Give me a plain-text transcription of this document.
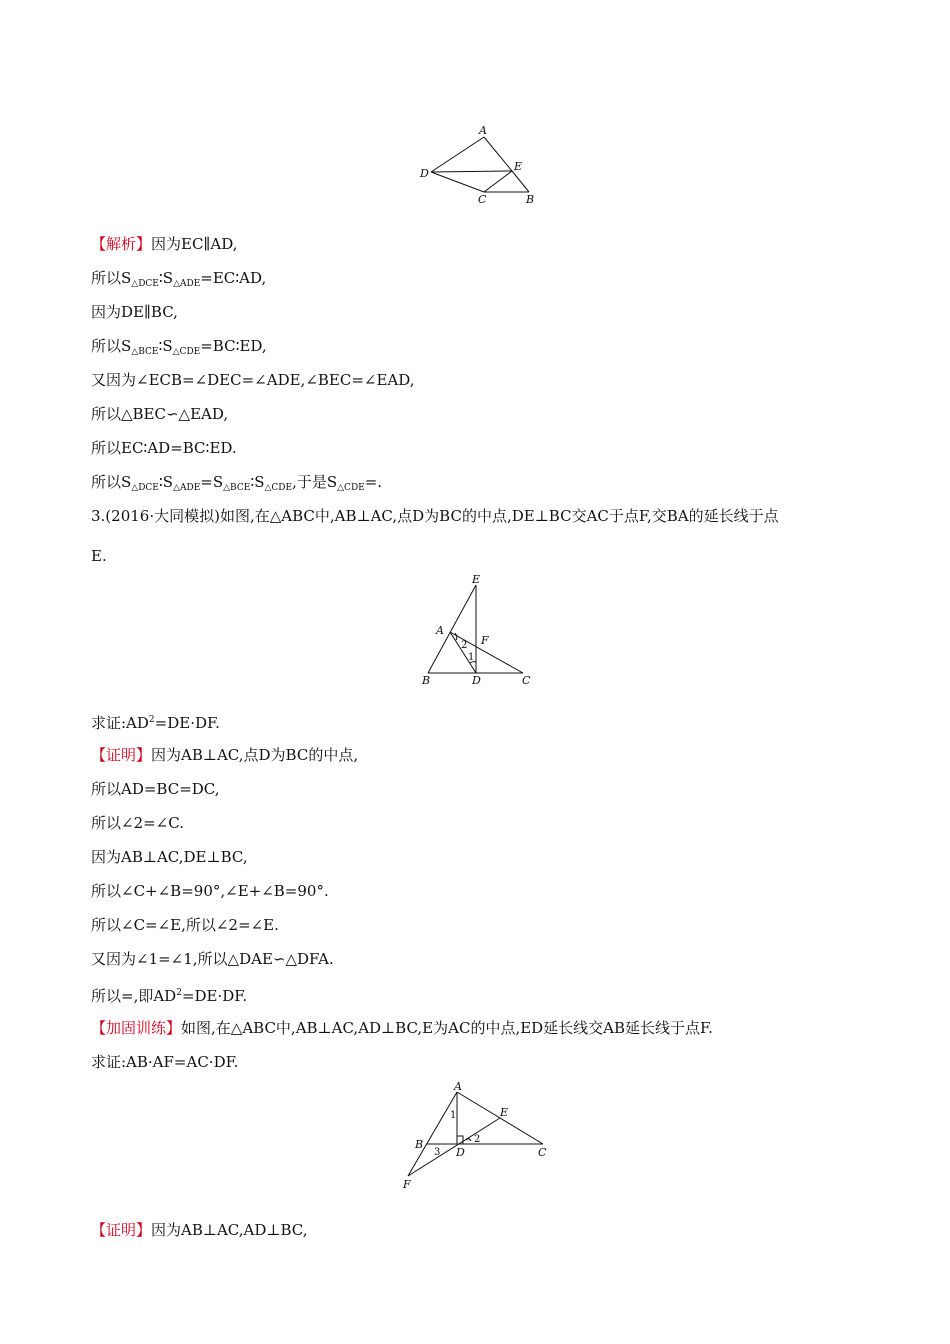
A
E
D
C	B
【解析】因为EC∥AD,
所以$S_{\triangle DCE}∶S_{\triangle ADE}=EC∶AD$,
因为DE∥BC,
所以$S_{\triangle BCE}∶S_{\triangle CDE}=BC∶ED$,
又因为∠ECB=∠DEC=∠ADE,∠BEC=∠EAD,
所以△BEC∽△EAD,
所以EC∶AD=BC∶ED.
所以$S_{\triangle DCE}∶S_{\triangle ADE}=S_{\triangle BCE}∶S_{\triangle CDE}$,于是$S_{\triangle CDE}=$.
3.(2016·大同模拟)如图,在△ABC中,AB⊥AC,点D为BC的中点,DE⊥BC交AC于点F,交BA的延长线于点
E.
E
A
F
B	D	C
1
2
求证$:AD^2=DE\cdot DF$.
【证明】因为AB⊥AC,点D为BC的中点,
所以AD=BC=DC,
所以∠2=∠C.
因为AB⊥AC,DE⊥BC,
所以∠C+∠B=90°,∠E+∠B=90°.
所以∠C=∠E,所以∠2=∠E.
又因为∠1=∠1,所以△DAE∽△DFA.
所以=,即$AD^2=DE\cdot DF$.
【加固训练】如图,在△ABC中,AB⊥AC,AD⊥BC,E为AC的中点,ED延长线交AB延长线于点F.
求证:AB·AF=AC·DF.
A
E
B
D	C
F
1
2
3
【证明】因为AB⊥AC,AD⊥BC,
